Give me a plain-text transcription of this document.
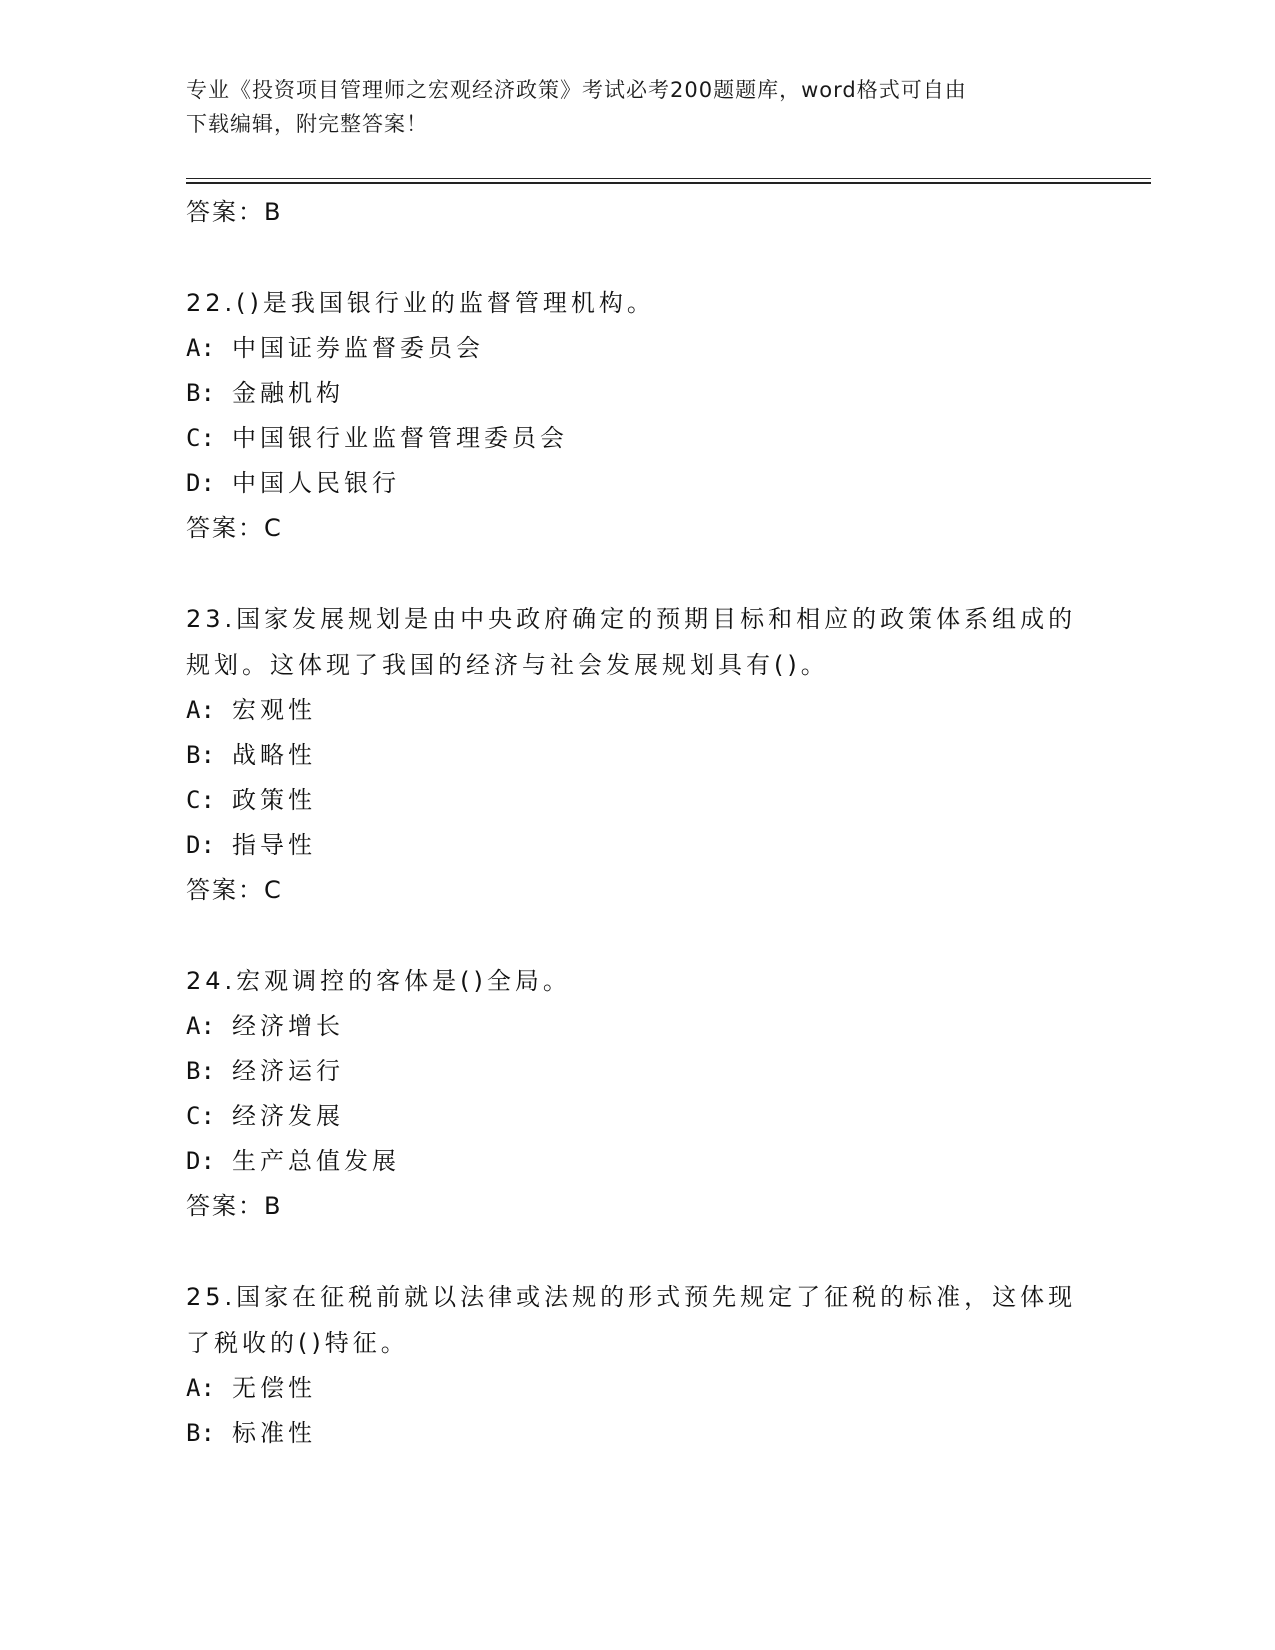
专业《投资项目管理师之宏观经济政策》考试必考200题题库，word格式可自由
下载编辑，附完整答案！
答案：B
22.()是我国银行业的监督管理机构。
A: 中国证券监督委员会
B: 金融机构
C: 中国银行业监督管理委员会
D: 中国人民银行
答案：C
23.国家发展规划是由中央政府确定的预期目标和相应的政策体系组成的规划。这体现了我国的经济与社会发展规划具有()。
A: 宏观性
B: 战略性
C: 政策性
D: 指导性
答案：C
24.宏观调控的客体是()全局。
A: 经济增长
B: 经济运行
C: 经济发展
D: 生产总值发展
答案：B
25.国家在征税前就以法律或法规的形式预先规定了征税的标准，这体现了税收的()特征。
A: 无偿性
B: 标准性
